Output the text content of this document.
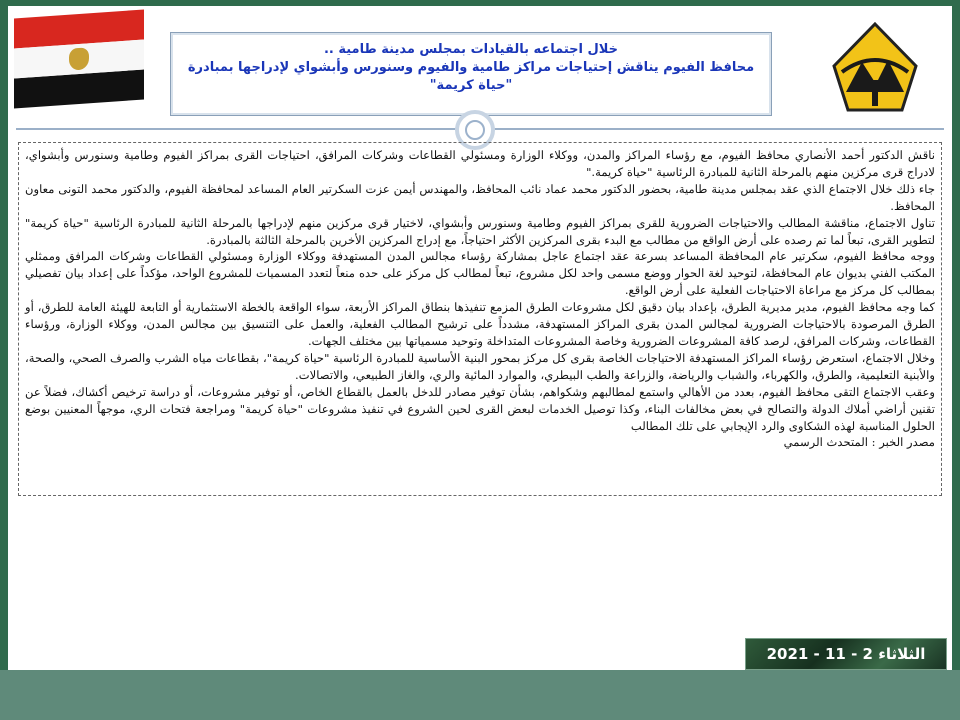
خلال اجتماعه بالقيادات بمجلس مدينة طامية ..
محافظ الفيوم يناقش إحتياجات مراكز طامية والفيوم وسنورس وأبشواي لإدراجها بمبادرة "حياة كريمة"

ناقش الدكتور أحمد الأنصاري محافظ الفيوم، مع رؤساء المراكز والمدن، ووكلاء الوزارة ومسئولي القطاعات وشركات المرافق، احتياجات القرى بمراكز الفيوم وطامية وسنورس وأبشواي، لادراج قرى مركزين منهم بالمرحلة الثانية للمبادرة الرئاسية "حياة كريمة."

جاء ذلك خلال الاجتماع الذي عقد بمجلس مدينة طامية، بحضور الدكتور محمد عماد نائب المحافظ، والمهندس أيمن عزت السكرتير العام المساعد لمحافظة الفيوم، والدكتور محمد التونى معاون المحافظ.

تناول الاجتماع، مناقشة المطالب والاحتياجات الضرورية للقرى بمراكز الفيوم وطامية وسنورس وأبشواي، لاختيار قرى مركزين منهم لإدراجها بالمرحلة الثانية للمبادرة الرئاسية "حياة كريمة" لتطوير القرى، تبعاً لما تم رصده على أرض الواقع من مطالب مع البدء بقرى المركزين الأكثر احتياجاً، مع إدراج المركزين الأخرين بالمرحلة الثالثة بالمبادرة.

ووجه محافظ الفيوم، سكرتير عام المحافظة المساعد بسرعة عقد اجتماع عاجل بمشاركة رؤساء مجالس المدن المستهدفة ووكلاء الوزارة ومسئولي القطاعات وشركات المرافق وممثلي المكتب الفني بديوان عام المحافظة، لتوحيد لغة الحوار ووضع مسمى واحد لكل مشروع، تبعاً لمطالب كل مركز على حده منعاً لتعدد المسميات للمشروع الواحد، مؤكداً على إعداد بيان تفصيلي بمطالب كل مركز مع مراعاة الاحتياجات الفعلية على أرض الواقع.

كما وجه محافظ الفيوم، مدير مديرية الطرق، بإعداد بيان دقيق لكل مشروعات الطرق المزمع تنفيذها بنطاق المراكز الأربعة، سواء الواقعة بالخطة الاستثمارية أو التابعة للهيئة العامة للطرق، أو الطرق المرصودة بالاحتياجات الضرورية لمجالس المدن بقرى المراكز المستهدفة، مشدداً على ترشيح المطالب الفعلية، والعمل على التنسيق بين مجالس المدن، ووكلاء الوزارة، ورؤساء القطاعات، وشركات المرافق، لرصد كافة المشروعات الضرورية وخاصة المشروعات المتداخلة وتوحيد مسمياتها بين مختلف الجهات.

وخلال الاجتماع، استعرض رؤساء المراكز المستهدفة الاحتياجات الخاصة بقرى كل مركز بمحور البنية الأساسية للمبادرة الرئاسية "حياة كريمة"، بقطاعات مياه الشرب والصرف الصحي، والصحة، والأبنية التعليمية، والطرق، والكهرباء، والشباب والرياضة، والزراعة والطب البيطري، والموارد المائية والري، والغاز الطبيعي، والاتصالات.

وعقب الاجتماع التقى محافظ الفيوم، بعدد من الأهالي واستمع لمطالبهم وشكواهم، بشأن توفير مصادر للدخل بالعمل بالقطاع الخاص، أو توفير مشروعات، أو دراسة ترخيص أكشاك، فضلاً عن تقنين أراضي أملاك الدولة والتصالح في بعض مخالفات البناء، وكذا توصيل الخدمات لبعض القرى لحين الشروع في تنفيذ مشروعات "حياة كريمة" ومراجعة فتحات الري، موجهاً المعنيين بوضع الحلول المناسبة لهذه الشكاوى والرد الإيجابي على تلك المطالب

مصدر الخبر : المتحدث الرسمي

الثلاثاء 2 - 11 - 2021
